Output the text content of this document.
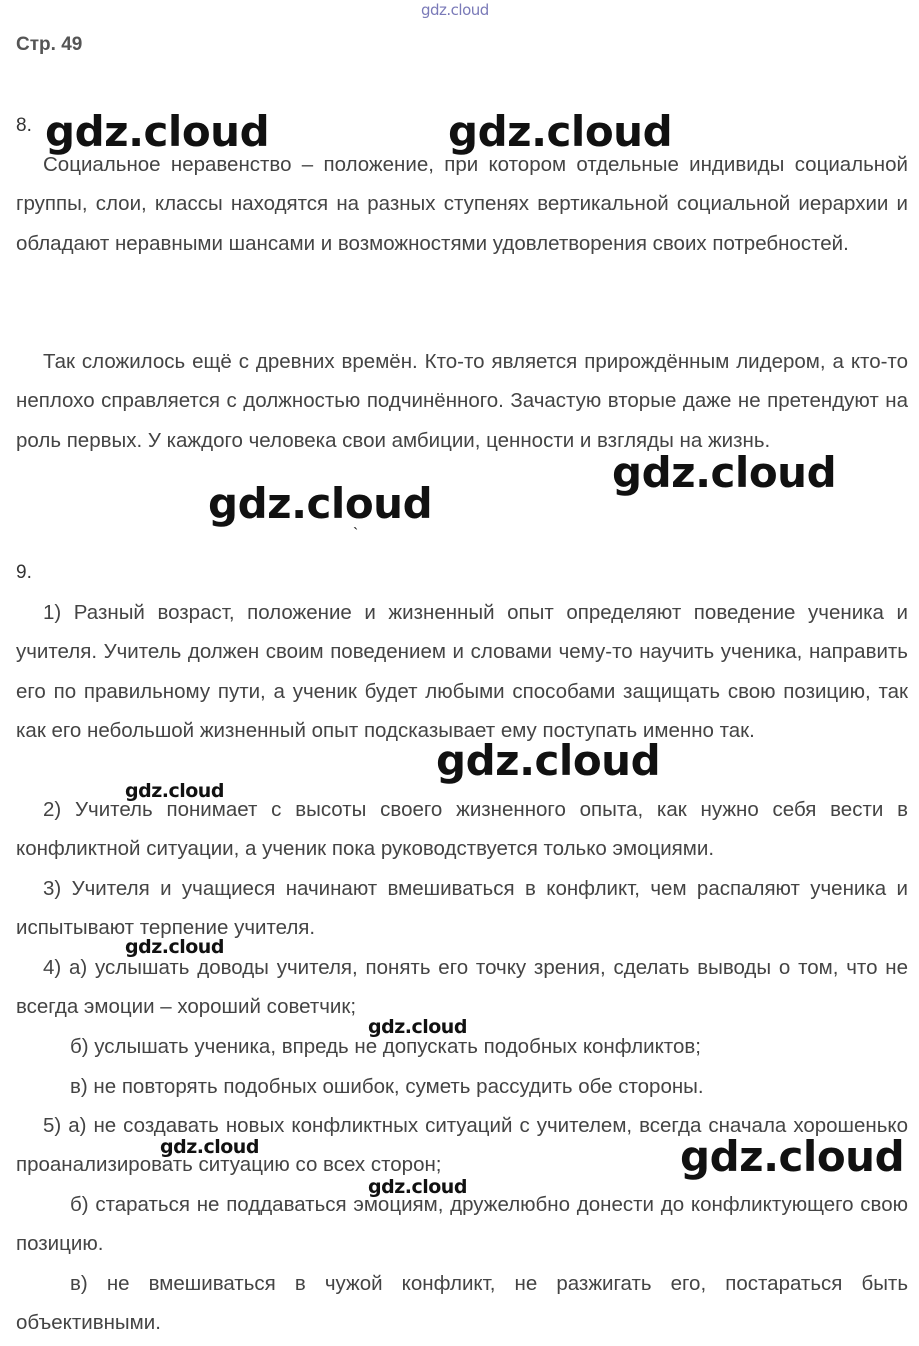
gdz.cloud
gdz.cloud	gdz.cloud
gdz.cloud
gdz.cloud
gdz.cloud
gdz.cloud
gdz.cloud
gdz.cloud
gdz.cloud
gdz.cloud
gdz.cloud
Стр. 49
8.

Социальное неравенство – положение, при котором отдельные индивиды социальной группы, слои, классы находятся на разных ступенях вертикальной социальной иерархии и обладают неравными шансами и возможностями удовлетворения своих потребностей.

Так сложилось ещё с древних времён. Кто-то является прирождённым лидером, а кто-то неплохо справляется с должностью подчинённого. Зачастую вторые даже не претендуют на роль первых. У каждого человека свои амбиции, ценности и взгляды на жизнь.

`
9.

1) Разный возраст, положение и жизненный опыт определяют поведение ученика и учителя. Учитель должен своим поведением и словами чему-то научить ученика, направить его по правильному пути, а ученик будет любыми способами защищать свою позицию, так как его небольшой жизненный опыт подсказывает ему поступать именно так.

2) Учитель понимает с высоты своего жизненного опыта, как нужно себя вести в конфликтной ситуации, а ученик пока руководствуется только эмоциями.

3) Учителя и учащиеся начинают вмешиваться в конфликт, чем распаляют ученика и испытывают терпение учителя.

4) а) услышать доводы учителя, понять его точку зрения, сделать выводы о том, что не всегда эмоции – хороший советчик;

б) услышать ученика, впредь не допускать подобных конфликтов;

в) не повторять подобных ошибок, суметь рассудить обе стороны.

5) а) не создавать новых конфликтных ситуаций с учителем, всегда сначала хорошенько проанализировать ситуацию со всех сторон;

б) стараться не поддаваться эмоциям, дружелюбно донести до конфликтующего свою позицию.

в) не вмешиваться в чужой конфликт, не разжигать его, постараться быть объективными.
